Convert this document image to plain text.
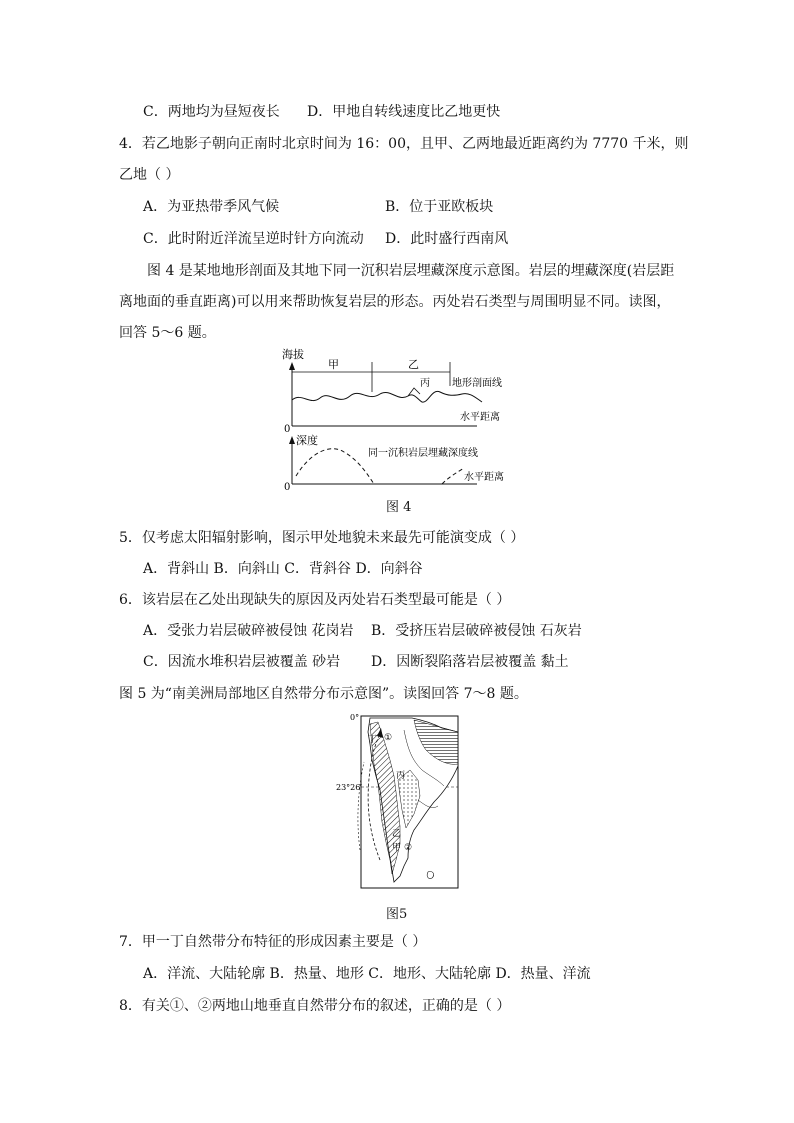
C．两地均为昼短夜长 D．甲地自转线速度比乙地更快
4．若乙地影子朝向正南时北京时间为 16：00，且甲、乙两地最近距离约为 7770 千米，则
乙地（ ）
A．为亚热带季风气候	B．位于亚欧板块
C．此时附近洋流呈逆时针方向流动 D．此时盛行西南风
图 4 是某地地形剖面及其地下同一沉积岩层埋藏深度示意图。岩层的埋藏深度(岩层距
离地面的垂直距离)可以用来帮助恢复岩层的形态。丙处岩石类型与周围明显不同。读图，
回答 5～6 题。
海拔
0
甲	乙
丙 地形剖面线
水平距离
深度
0
同一沉积岩层埋藏深度线
水平距离
图 4
5．仅考虑太阳辐射影响，图示甲处地貌未来最先可能演变成（ ）
A．背斜山 B．向斜山 C．背斜谷 D．向斜谷
6．该岩层在乙处出现缺失的原因及丙处岩石类型最可能是（ ）
A．受张力岩层破碎被侵蚀 花岗岩 B．受挤压岩层破碎被侵蚀 石灰岩
C．因流水堆积岩层被覆盖 砂岩 D．因断裂陷落岩层被覆盖 黏土
图 5 为“南美洲局部地区自然带分布示意图”。读图回答 7～8 题。
0°
23°26′
丁 ①
丙
乙
甲 ②
图5
7．甲一丁自然带分布特征的形成因素主要是（ ）
A．洋流、大陆轮廓 B．热量、地形 C．地形、大陆轮廓 D．热量、洋流
8．有关①、②两地山地垂直自然带分布的叙述，正确的是（ ）
